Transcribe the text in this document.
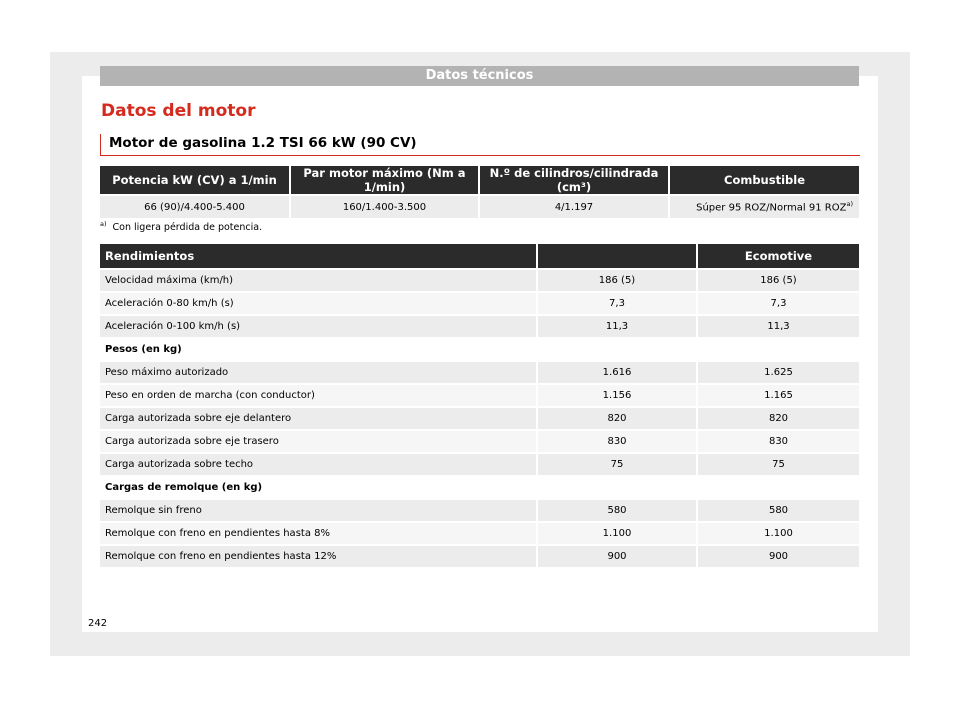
Datos técnicos
Datos del motor
Motor de gasolina 1.2 TSI 66 kW (90 CV)
Potencia kW (CV) a 1/min	Par motor máximo (Nm a 1/min)	N.º de cilindros/cilindrada (cm³)	Combustible
66 (90)/4.400-5.400	160/1.400-3.500	4/1.197	Súper 95 ROZ/Normal 91 ROZ$^{a)}$
$^{a)}$ Con ligera pérdida de potencia.
Rendimientos		Ecomotive
Velocidad máxima (km/h)	186 (5)	186 (5)
Aceleración 0-80 km/h (s)	7,3	7,3
Aceleración 0-100 km/h (s)	11,3	11,3
Pesos (en kg)		
Peso máximo autorizado	1.616	1.625
Peso en orden de marcha (con conductor)	1.156	1.165
Carga autorizada sobre eje delantero	820	820
Carga autorizada sobre eje trasero	830	830
Carga autorizada sobre techo	75	75
Cargas de remolque (en kg)		
Remolque sin freno	580	580
Remolque con freno en pendientes hasta 8%	1.100	1.100
Remolque con freno en pendientes hasta 12%	900	900
242
